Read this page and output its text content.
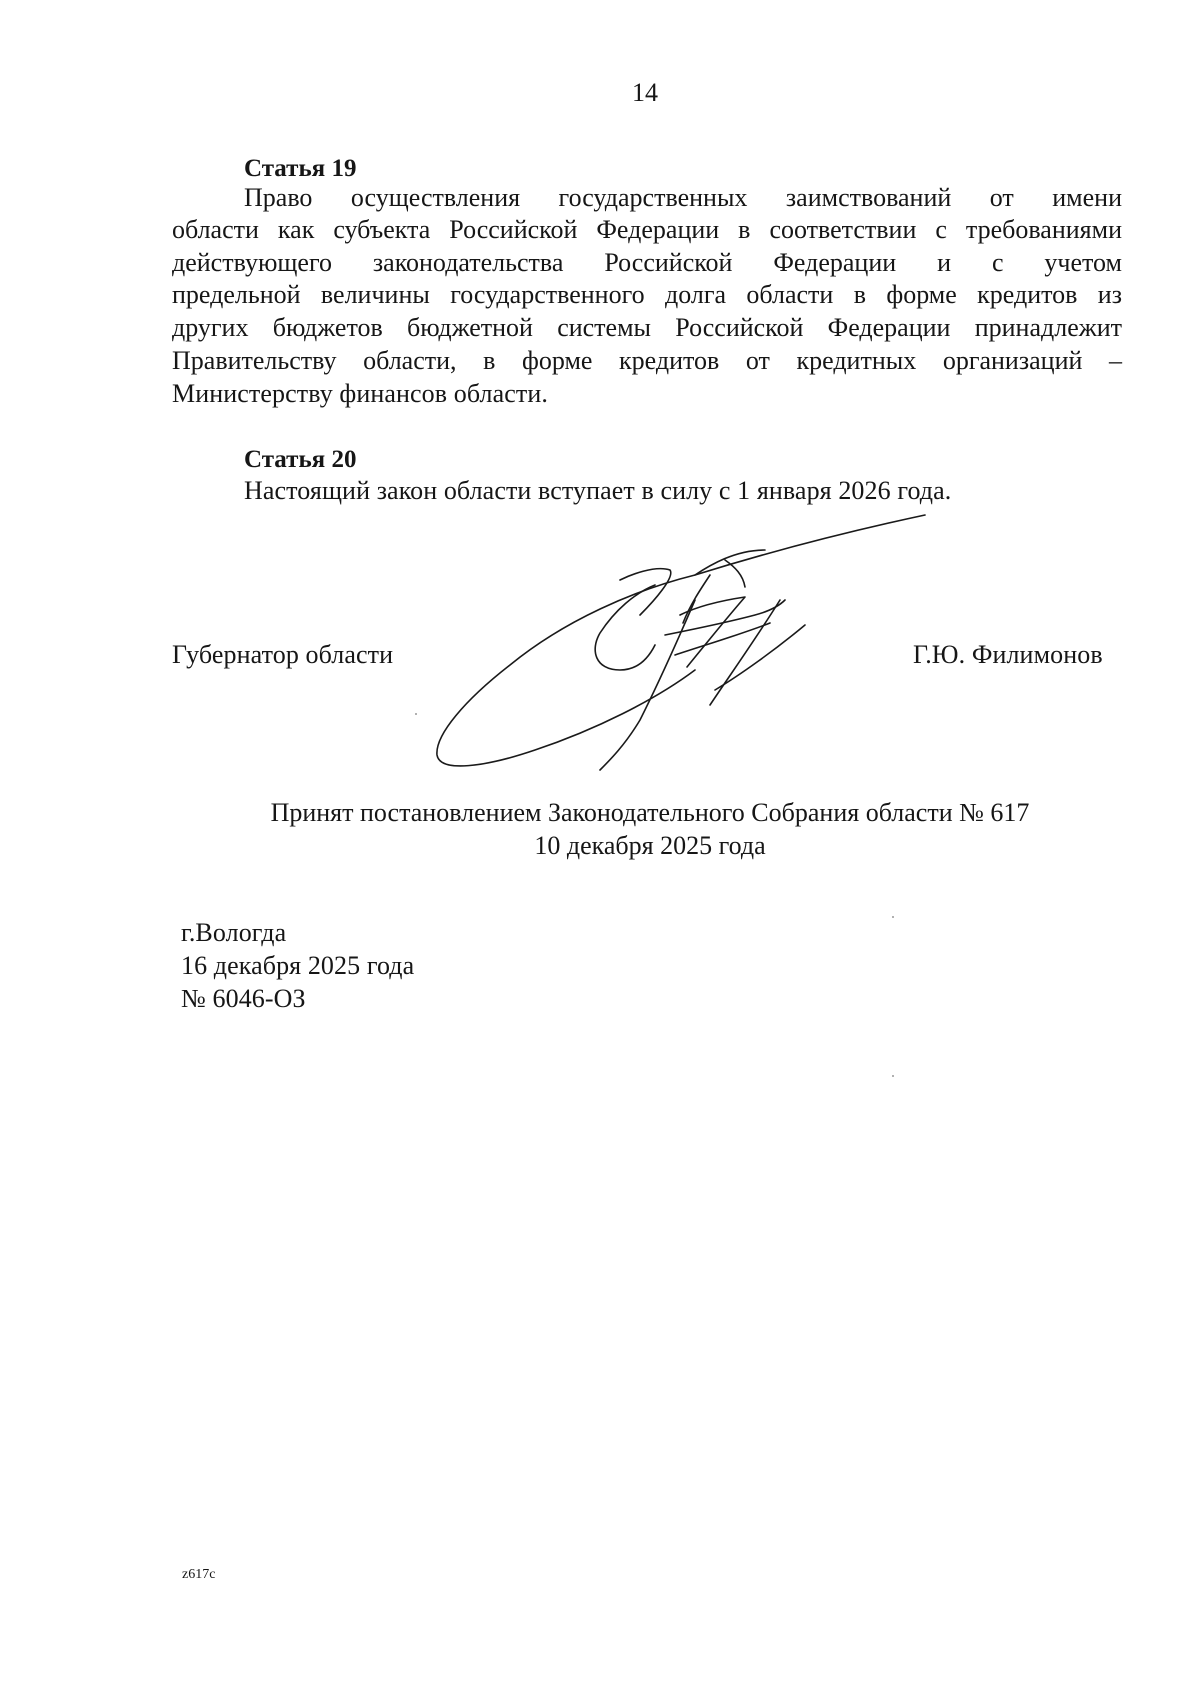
14
Статья 19
Право осуществления государственных заимствований от имени
области как субъекта Российской Федерации в соответствии с требованиями
действующего законодательства Российской Федерации и с учетом
предельной величины государственного долга области в форме кредитов из
других бюджетов бюджетной системы Российской Федерации принадлежит
Правительству области, в форме кредитов от кредитных организаций –
Министерству финансов области.
Статья 20
Настоящий закон области вступает в силу с 1 января 2026 года.
Губернатор области	Г.Ю. Филимонов
Принят постановлением Законодательного Собрания области № 617
10 декабря 2025 года
г.Вологда
16 декабря 2025 года
№ 6046-ОЗ
z617c
